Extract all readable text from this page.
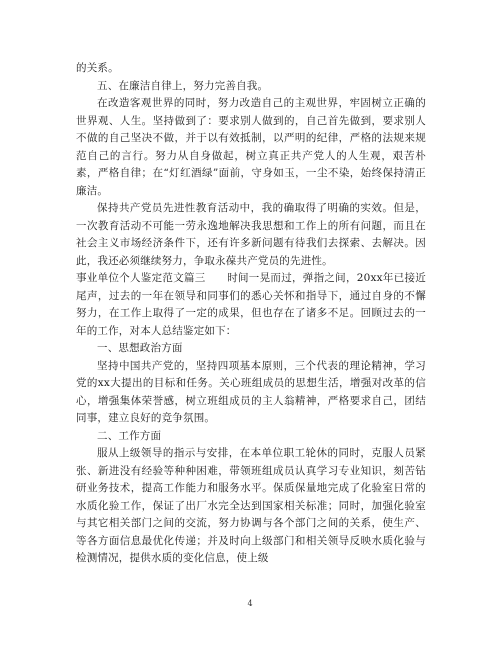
的关系。

五、在廉洁自律上，努力完善自我。

在改造客观世界的同时，努力改造自己的主观世界，牢固树立正确的世界观、人生。坚持做到了：要求别人做到的，自己首先做到，要求别人不做的自己坚决不做，并于以有效抵制，以严明的纪律，严格的法规来规范自己的言行。努力从自身做起，树立真正共产党人的人生观，艰苦朴素，严格自律；在“灯红酒绿”面前，守身如玉，一尘不染，始终保持清正廉洁。

保持共产党员先进性教育活动中，我的确取得了明确的实效。但是，一次教育活动不可能一劳永逸地解决我思想和工作上的所有问题，而且在社会主义市场经济条件下，还有许多新问题有待我们去探索、去解决。因此，我还必须继续努力，争取永葆共产党员的先进性。

事业单位个人鉴定范文篇三　　时间一晃而过，弹指之间，20xx年已接近尾声，过去的一年在领导和同事们的悉心关怀和指导下，通过自身的不懈努力，在工作上取得了一定的成果，但也存在了诸多不足。回顾过去的一年的工作，对本人总结鉴定如下：

一、思想政治方面

坚持中国共产党的，坚持四项基本原则，三个代表的理论精神，学习党的xx大提出的目标和任务。关心班组成员的思想生活，增强对改革的信心，增强集体荣誉感，树立班组成员的主人翁精神，严格要求自己，团结同事，建立良好的竞争氛围。

二、工作方面

服从上级领导的指示与安排，在本单位职工轮休的同时，克服人员紧张、新进没有经验等种种困难，带领班组成员认真学习专业知识，刻苦钻研业务技术，提高工作能力和服务水平。保质保量地完成了化验室日常的水质化验工作，保证了出厂水完全达到国家相关标准；同时，加强化验室与其它相关部门之间的交流，努力协调与各个部门之间的关系，使生产、等各方面信息最优化传递；并及时向上级部门和相关领导反映水质化验与检测情况，提供水质的变化信息，使上级

4
